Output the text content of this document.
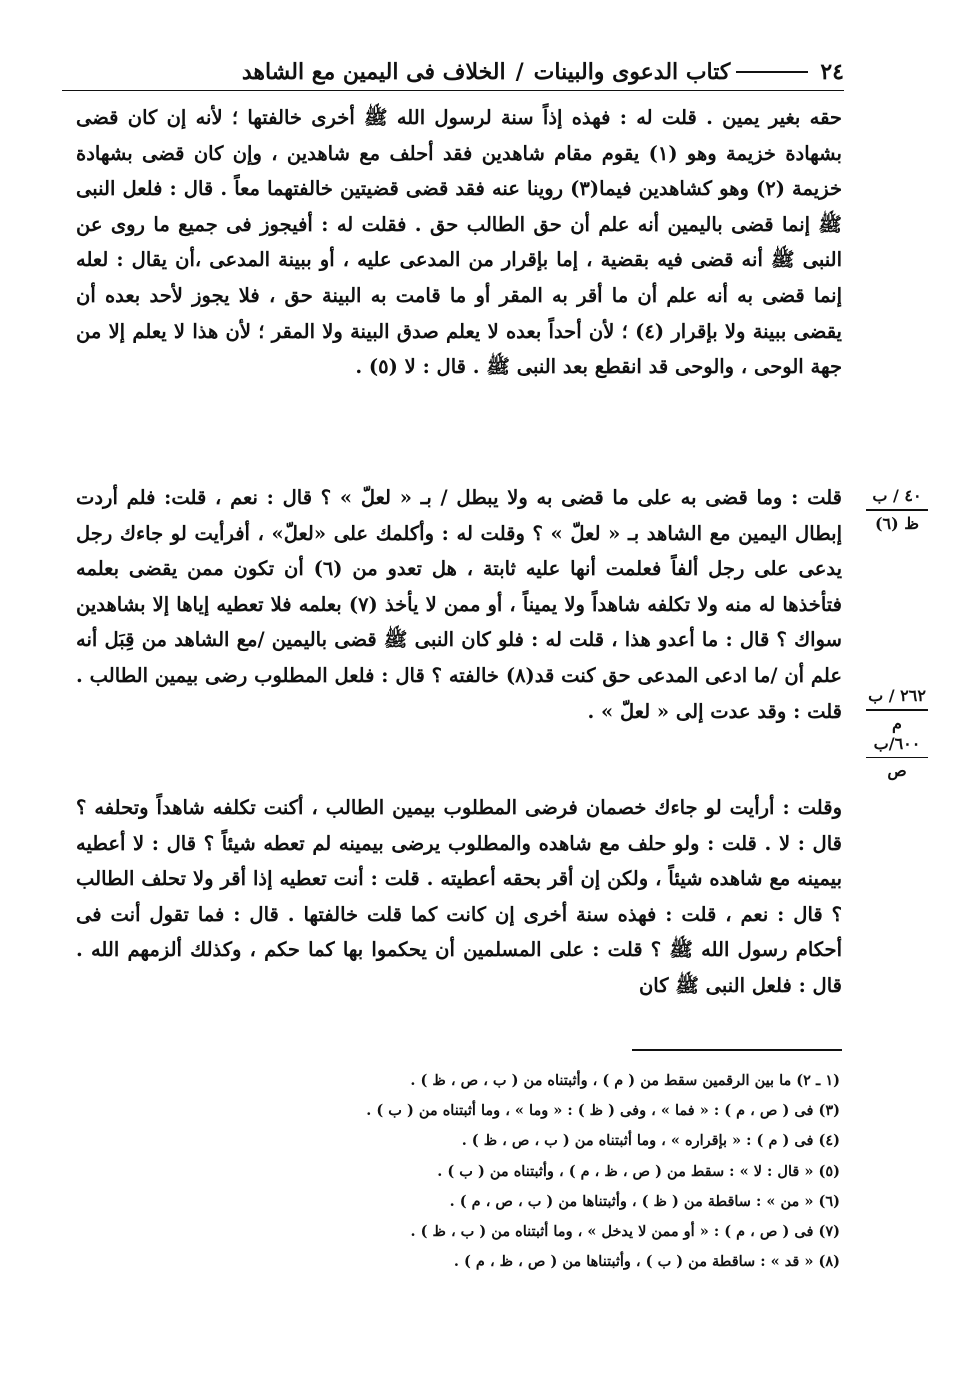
٢٤
كتاب الدعوى والبينات
/
الخلاف فى اليمين مع الشاهد

حقه بغير يمين . قلت له : فهذه إذاً سنة لرسول الله ﷺ أخرى خالفتها ؛ لأنه إن كان قضى بشهادة خزيمة وهو (١) يقوم مقام شاهدين فقد أحلف مع شاهدين ، وإن كان قضى بشهادة خزيمة (٢) وهو كشاهدين فيما(٣) روينا عنه فقد قضى قضيتين خالفتهما معاً . قال : فلعل النبى ﷺ إنما قضى باليمين أنه علم أن حق الطالب حق . فقلت له : أفيجوز فى جميع ما روى عن النبى ﷺ أنه قضى فيه بقضية ، إما بإقرار من المدعى عليه ، أو ببينة المدعى ،أن يقال : لعله إنما قضى به أنه علم أن ما أقر به المقر أو ما قامت به البينة حق ، فلا يجوز لأحد بعده أن يقضى ببينة ولا بإقرار (٤) ؛ لأن أحداً بعده لا يعلم صدق البينة ولا المقر ؛ لأن هذا لا يعلم إلا من جهة الوحى ، والوحى قد انقطع بعد النبى ﷺ . قال : لا (٥) .

قلت : وما قضى به على ما قضى به ولا يبطل / بـ « لعلّ » ؟ قال : نعم ، قلت: فلم أردت إبطال اليمين مع الشاهد بـ « لعلّ » ؟ وقلت له : وأكلمك على «لعلّ» ، أفرأيت لو جاءك رجل يدعى على رجل ألفاً فعلمت أنها عليه ثابتة ، هل تعدو من (٦) أن تكون ممن يقضى بعلمه فتأخذها له منه ولا تكلفه شاهداً ولا يميناً ، أو ممن لا يأخذ (٧) بعلمه فلا تعطيه إياها إلا بشاهدين سواك ؟ قال : ما أعدو هذا ، قلت له : فلو كان النبى ﷺ قضى باليمين /مع الشاهد من قِبَل أنه علم أن /ما ادعى المدعى حق كنت قد(٨) خالفته ؟ قال : فلعل المطلوب رضى بيمين الطالب . قلت : وقد عدت إلى « لعلّ » .

وقلت : أرأيت لو جاءك خصمان فرضى المطلوب بيمين الطالب ، أكنت تكلفه شاهداً وتحلفه ؟ قال : لا . قلت : ولو حلف مع شاهده والمطلوب يرضى بيمينه لم تعطه شيئاً ؟ قال : لا أعطيه بيمينه مع شاهده شيئاً ، ولكن إن أقر بحقه أعطيته . قلت : أنت تعطيه إذا أقر ولا تحلف الطالب ؟ قال : نعم ، قلت : فهذه سنة أخرى إن كانت كما قلت خالفتها . قال : فما تقول أنت فى أحكام رسول الله ﷺ ؟ قلت : على المسلمين أن يحكموا بها كما حكم ، وكذلك ألزمهم الله . قال : فلعل النبى ﷺ كان

٤٠ / ب
ظ (٦)
٢٦٢ / ب
م
٦٠٠/ب
ص
(١ ـ ٢) ما بين الرقمين سقط من ( م ) ، وأثبتناه من ( ب ، ص ، ظ ) .
(٣) فى ( ص ، م ) : « فما » ، وفى ( ظ ) : « وما » ، وما أثبتناه من ( ب ) .
(٤) فى ( م ) : « بإقراره » ، وما أثبتناه من ( ب ، ص ، ظ ) .
(٥) « قال : لا » : سقط من ( ص ، ظ ، م ) ، وأثبتناه من ( ب ) .
(٦) « من » : ساقطة من ( ظ ) ، وأثبتناها من ( ب ، ص ، م ) .
(٧) فى ( ص ، م ) : « أو ممن لا يدخل » ، وما أثبتناه من ( ب ، ظ ) .
(٨) « قد » : ساقطة من ( ب ) ، وأثبتناها من ( ص ، ظ ، م ) .
